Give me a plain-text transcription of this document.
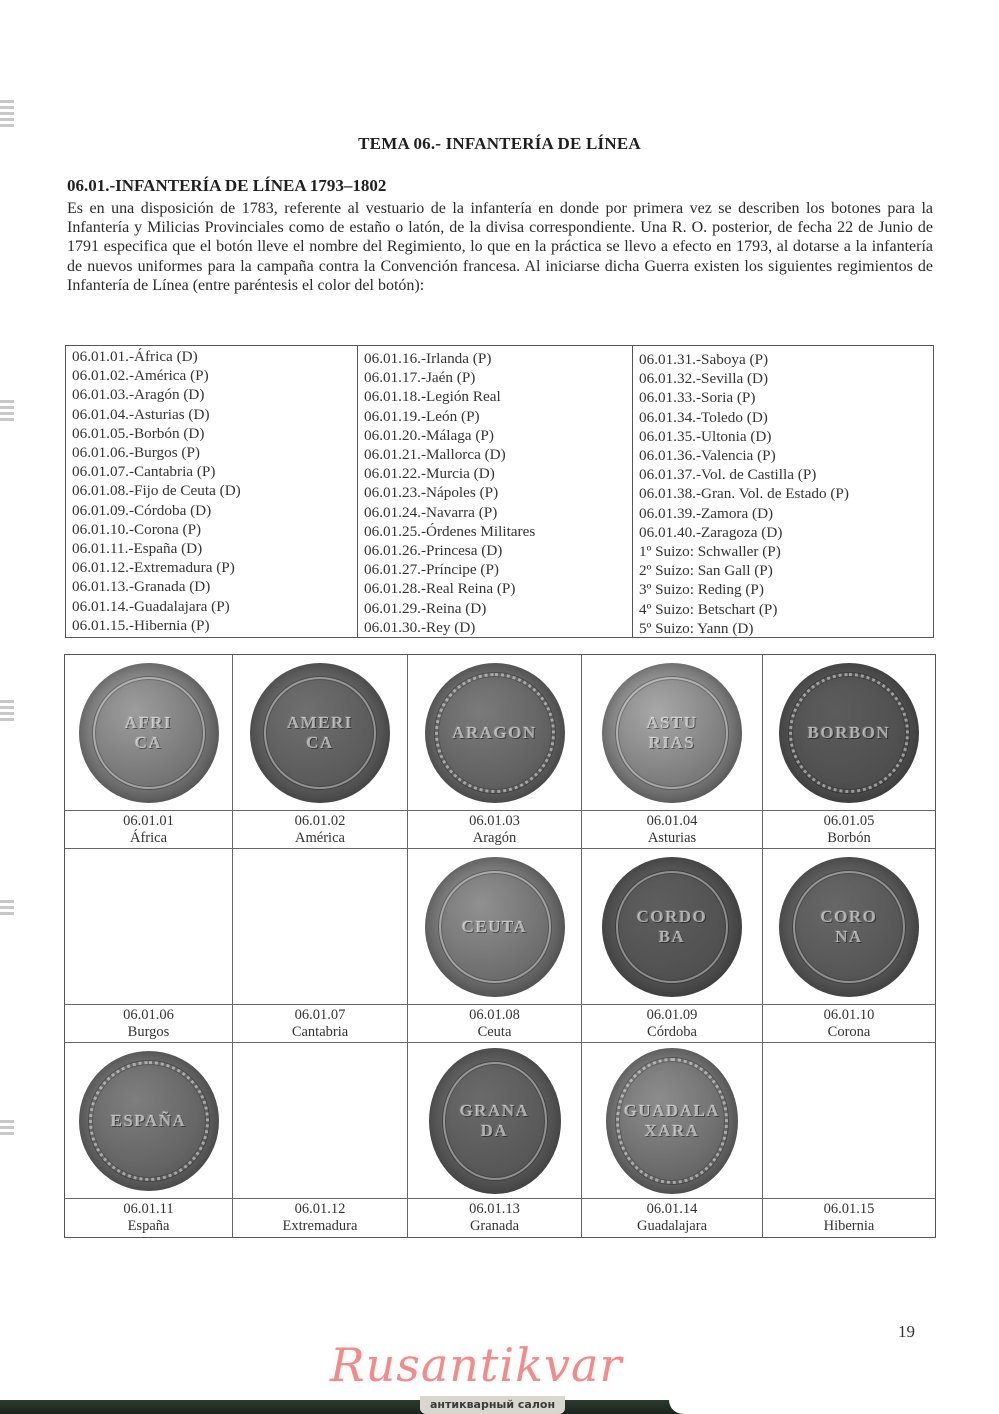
TEMA 06.- INFANTERÍA DE LÍNEA
06.01.-INFANTERÍA DE LÍNEA 1793–1802
Es en una disposición de 1783, referente al vestuario de la infantería en donde por primera vez se describen los botones para la Infantería y Milicias Provinciales como de estaño o latón, de la divisa correspondiente. Una R. O. posterior, de fecha 22 de Junio de 1791 especifica que el botón lleve el nombre del Regimiento, lo que en la práctica se llevo a efecto en 1793, al dotarse a la infantería de nuevos uniformes para la campaña contra la Convención francesa. Al iniciarse dicha Guerra existen los siguientes regimientos de Infantería de Línea (entre paréntesis el color del botón):
06.01.01.-África (D)
06.01.02.-América (P)
06.01.03.-Aragón (D)
06.01.04.-Asturias (D)
06.01.05.-Borbón (D)
06.01.06.-Burgos (P)
06.01.07.-Cantabria (P)
06.01.08.-Fijo de Ceuta (D)
06.01.09.-Córdoba (D)
06.01.10.-Corona (P)
06.01.11.-España (D)
06.01.12.-Extremadura (P)
06.01.13.-Granada (D)
06.01.14.-Guadalajara (P)
06.01.15.-Hibernia (P)
06.01.16.-Irlanda (P)
06.01.17.-Jaén (P)
06.01.18.-Legión Real
06.01.19.-León (P)
06.01.20.-Málaga (P)
06.01.21.-Mallorca (D)
06.01.22.-Murcia (D)
06.01.23.-Nápoles (P)
06.01.24.-Navarra (P)
06.01.25.-Órdenes Militares
06.01.26.-Princesa (D)
06.01.27.-Príncipe (P)
06.01.28.-Real Reina (P)
06.01.29.-Reina (D)
06.01.30.-Rey (D)
06.01.31.-Saboya (P)
06.01.32.-Sevilla (D)
06.01.33.-Soria (P)
06.01.34.-Toledo (D)
06.01.35.-Ultonia (D)
06.01.36.-Valencia (P)
06.01.37.-Vol. de Castilla (P)
06.01.38.-Gran. Vol. de Estado (P)
06.01.39.-Zamora (D)
06.01.40.-Zaragoza (D)
1º Suizo: Schwaller (P)
2º Suizo: San Gall (P)
3º Suizo: Reding (P)
4º Suizo: Betschart (P)
5º Suizo: Yann (D)
AFRI
CA
AMERI
CA
ARAGON
ASTU
RIAS
BORBON
06.01.01
África
06.01.02
América
06.01.03
Aragón
06.01.04
Asturias
06.01.05
Borbón
CEUTA
CORDO
BA
CORO
NA
06.01.06
Burgos
06.01.07
Cantabria
06.01.08
Ceuta
06.01.09
Córdoba
06.01.10
Corona
ESPAÑA
GRANA
DA
GUADALA
XARA
06.01.11
España
06.01.12
Extremadura
06.01.13
Granada
06.01.14
Guadalajara
06.01.15
Hibernia
19
Rusantikvar
антикварный салон
